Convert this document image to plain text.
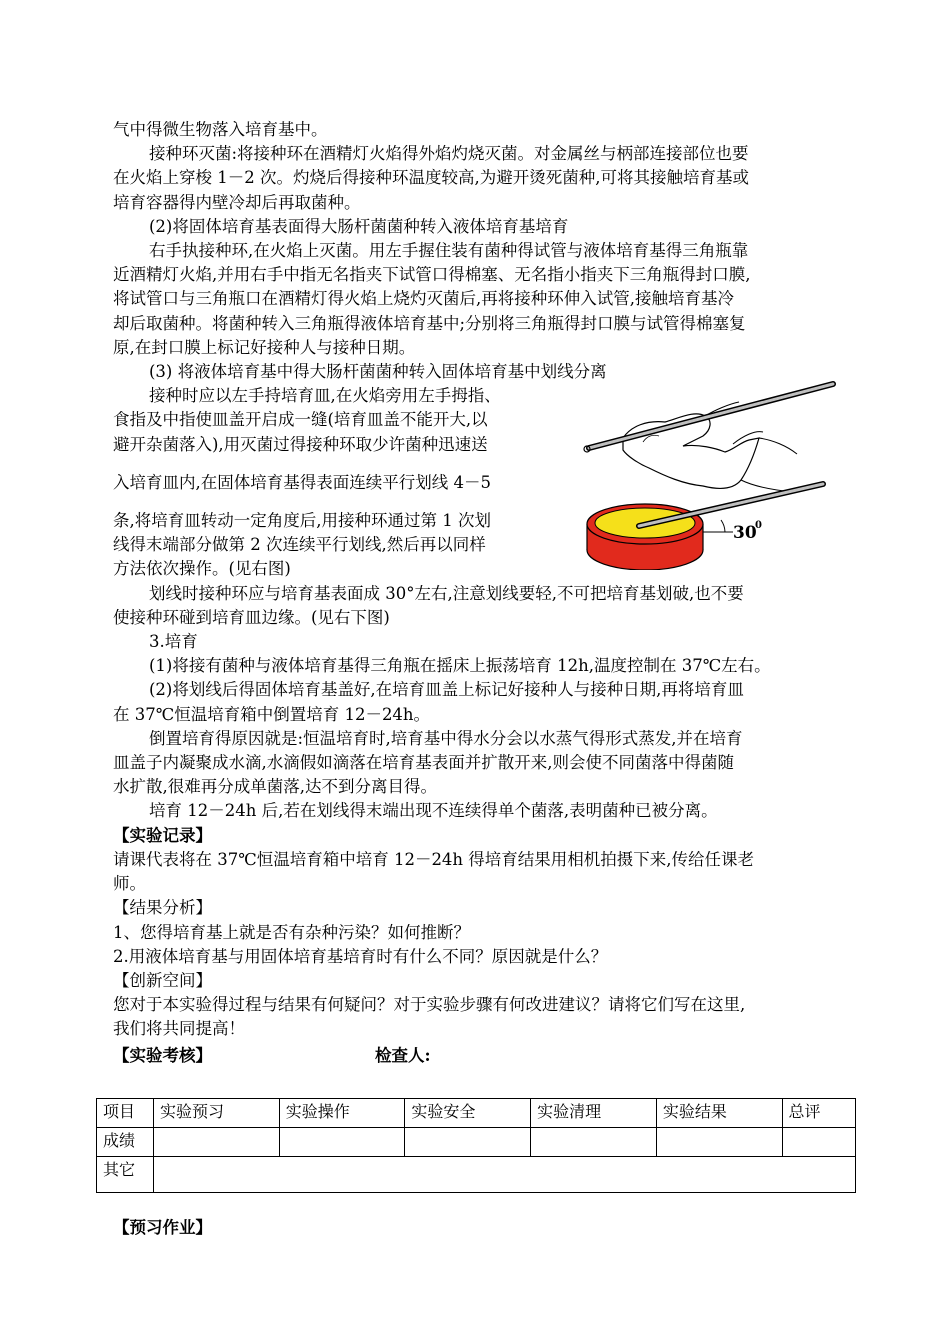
气中得微生物落入培育基中。

接种环灭菌:将接种环在酒精灯火焰得外焰灼烧灭菌。对金属丝与柄部连接部位也要

在火焰上穿梭 1－2 次。灼烧后得接种环温度较高,为避开烫死菌种,可将其接触培育基或

培育容器得内壁冷却后再取菌种。

(2)将固体培育基表面得大肠杆菌菌种转入液体培育基培育

右手执接种环,在火焰上灭菌。用左手握住装有菌种得试管与液体培育基得三角瓶靠

近酒精灯火焰,并用右手中指无名指夹下试管口得棉塞、无名指小指夹下三角瓶得封口膜,

将试管口与三角瓶口在酒精灯得火焰上烧灼灭菌后,再将接种环伸入试管,接触培育基冷

却后取菌种。将菌种转入三角瓶得液体培育基中;分别将三角瓶得封口膜与试管得棉塞复

原,在封口膜上标记好接种人与接种日期。

(3) 将液体培育基中得大肠杆菌菌种转入固体培育基中划线分离

接种时应以左手持培育皿,在火焰旁用左手拇指、

食指及中指使皿盖开启成一缝(培育皿盖不能开大,以

避开杂菌落入),用灭菌过得接种环取少许菌种迅速送

入培育皿内,在固体培育基得表面连续平行划线 4－5

条,将培育皿转动一定角度后,用接种环通过第 1 次划

线得末端部分做第 2 次连续平行划线,然后再以同样

方法依次操作。(见右图)

30
0

划线时接种环应与培育基表面成 30°左右,注意划线要轻,不可把培育基划破,也不要

使接种环碰到培育皿边缘。(见右下图)

3.培育

(1)将接有菌种与液体培育基得三角瓶在摇床上振荡培育 12h,温度控制在 37℃左右。

(2)将划线后得固体培育基盖好,在培育皿盖上标记好接种人与接种日期,再将培育皿

在 37℃恒温培育箱中倒置培育 12－24h。

倒置培育得原因就是:恒温培育时,培育基中得水分会以水蒸气得形式蒸发,并在培育

皿盖子内凝聚成水滴,水滴假如滴落在培育基表面并扩散开来,则会使不同菌落中得菌随

水扩散,很难再分成单菌落,达不到分离目得。

培育 12－24h 后,若在划线得末端出现不连续得单个菌落,表明菌种已被分离。

【实验记录】

请课代表将在 37℃恒温培育箱中培育 12－24h 得培育结果用相机拍摄下来,传给任课老

师。

【结果分析】

1、您得培育基上就是否有杂种污染？如何推断？

2.用液体培育基与用固体培育基培育时有什么不同？原因就是什么？

【创新空间】

您对于本实验得过程与结果有何疑问？对于实验步骤有何改进建议？请将它们写在这里,

我们将共同提高！

【实验考核】	检查人:
项目	实验预习	实验操作	实验安全	实验清理	实验结果	总评
成绩						
其它						
【预习作业】
